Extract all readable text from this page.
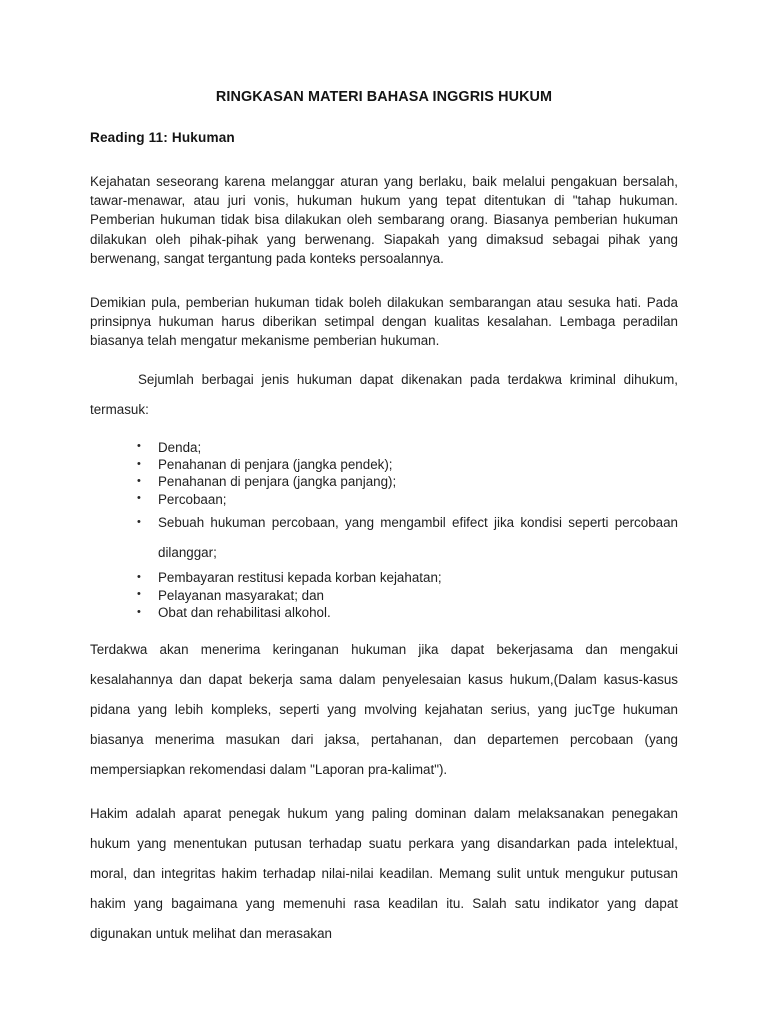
RINGKASAN MATERI BAHASA INGGRIS HUKUM
Reading 11: Hukuman

Kejahatan seseorang karena melanggar aturan yang berlaku, baik melalui pengakuan bersalah, tawar-menawar, atau juri vonis, hukuman hukum yang tepat ditentukan di "tahap hukuman. Pemberian hukuman tidak bisa dilakukan oleh sembarang orang. Biasanya pemberian hukuman dilakukan oleh pihak-pihak yang berwenang. Siapakah yang dimaksud sebagai pihak yang berwenang, sangat tergantung pada konteks persoalannya.

Demikian pula, pemberian hukuman tidak boleh dilakukan sembarangan atau sesuka hati. Pada prinsipnya hukuman harus diberikan setimpal dengan kualitas kesalahan. Lembaga peradilan biasanya telah mengatur mekanisme pemberian hukuman.

Sejumlah berbagai jenis hukuman dapat dikenakan pada terdakwa kriminal dihukum, termasuk:

• Denda;
• Penahanan di penjara (jangka pendek);
• Penahanan di penjara (jangka panjang);
• Percobaan;
• Sebuah hukuman percobaan, yang mengambil efifect jika kondisi seperti percobaan dilanggar;
• Pembayaran restitusi kepada korban kejahatan;
• Pelayanan masyarakat; dan
• Obat dan rehabilitasi alkohol.

Terdakwa akan menerima keringanan hukuman jika dapat bekerjasama dan mengakui kesalahannya dan dapat bekerja sama dalam penyelesaian kasus hukum,(Dalam kasus-kasus pidana yang lebih kompleks, seperti yang mvolving kejahatan serius, yang jucTge hukuman biasanya menerima masukan dari jaksa, pertahanan, dan departemen percobaan (yang mempersiapkan rekomendasi dalam "Laporan pra-kalimat").

Hakim adalah aparat penegak hukum yang paling dominan dalam melaksanakan penegakan hukum yang menentukan putusan terhadap suatu perkara yang disandarkan pada intelektual, moral, dan integritas hakim terhadap nilai-nilai keadilan. Memang sulit untuk mengukur putusan hakim yang bagaimana yang memenuhi rasa keadilan itu. Salah satu indikator yang dapat digunakan untuk melihat dan merasakan
